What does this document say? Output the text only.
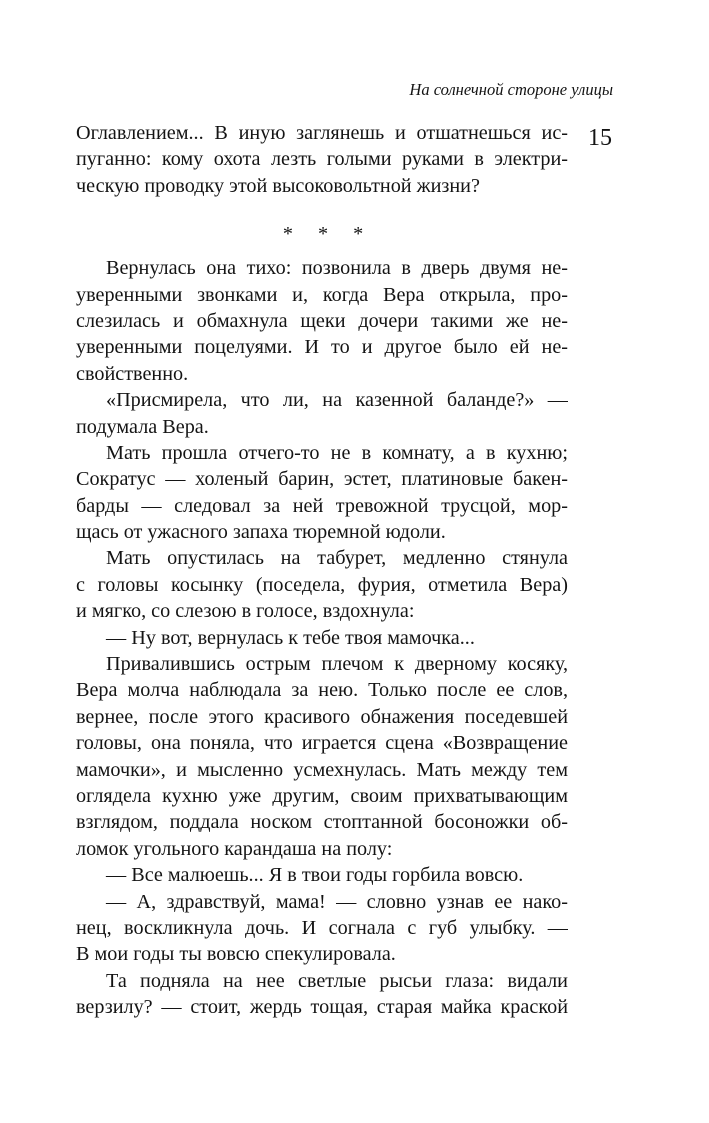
На солнечной стороне улицы
15
Оглавлением... В иную заглянешь и отшатнешься ис-
пуганно: кому охота лезть голыми руками в электри-
ческую проводку этой высоковольтной жизни?
* * *
Вернулась она тихо: позвонила в дверь двумя не-
уверенными звонками и, когда Вера открыла, про-
слезилась и обмахнула щеки дочери такими же не-
уверенными поцелуями. И то и другое было ей не-
свойственно.
«Присмирела, что ли, на казенной баланде?» —
подумала Вера.
Мать прошла отчего-то не в комнату, а в кухню;
Сократус — холеный барин, эстет, платиновые бакен-
барды — следовал за ней тревожной трусцой, мор-
щась от ужасного запаха тюремной юдоли.
Мать опустилась на табурет, медленно стянула
с головы косынку (поседела, фурия, отметила Вера)
и мягко, со слезою в голосе, вздохнула:
— Ну вот, вернулась к тебе твоя мамочка...
Привалившись острым плечом к дверному косяку,
Вера молча наблюдала за нею. Только после ее слов,
вернее, после этого красивого обнажения поседевшей
головы, она поняла, что играется сцена «Возвращение
мамочки», и мысленно усмехнулась. Мать между тем
оглядела кухню уже другим, своим прихватывающим
взглядом, поддала носком стоптанной босоножки об-
ломок угольного карандаша на полу:
— Все малюешь... Я в твои годы горбила вовсю.
— А, здравствуй, мама! — словно узнав ее нако-
нец, воскликнула дочь. И согнала с губ улыбку. —
В мои годы ты вовсю спекулировала.
Та подняла на нее светлые рысьи глаза: видали
верзилу? — стоит, жердь тощая, старая майка краской
